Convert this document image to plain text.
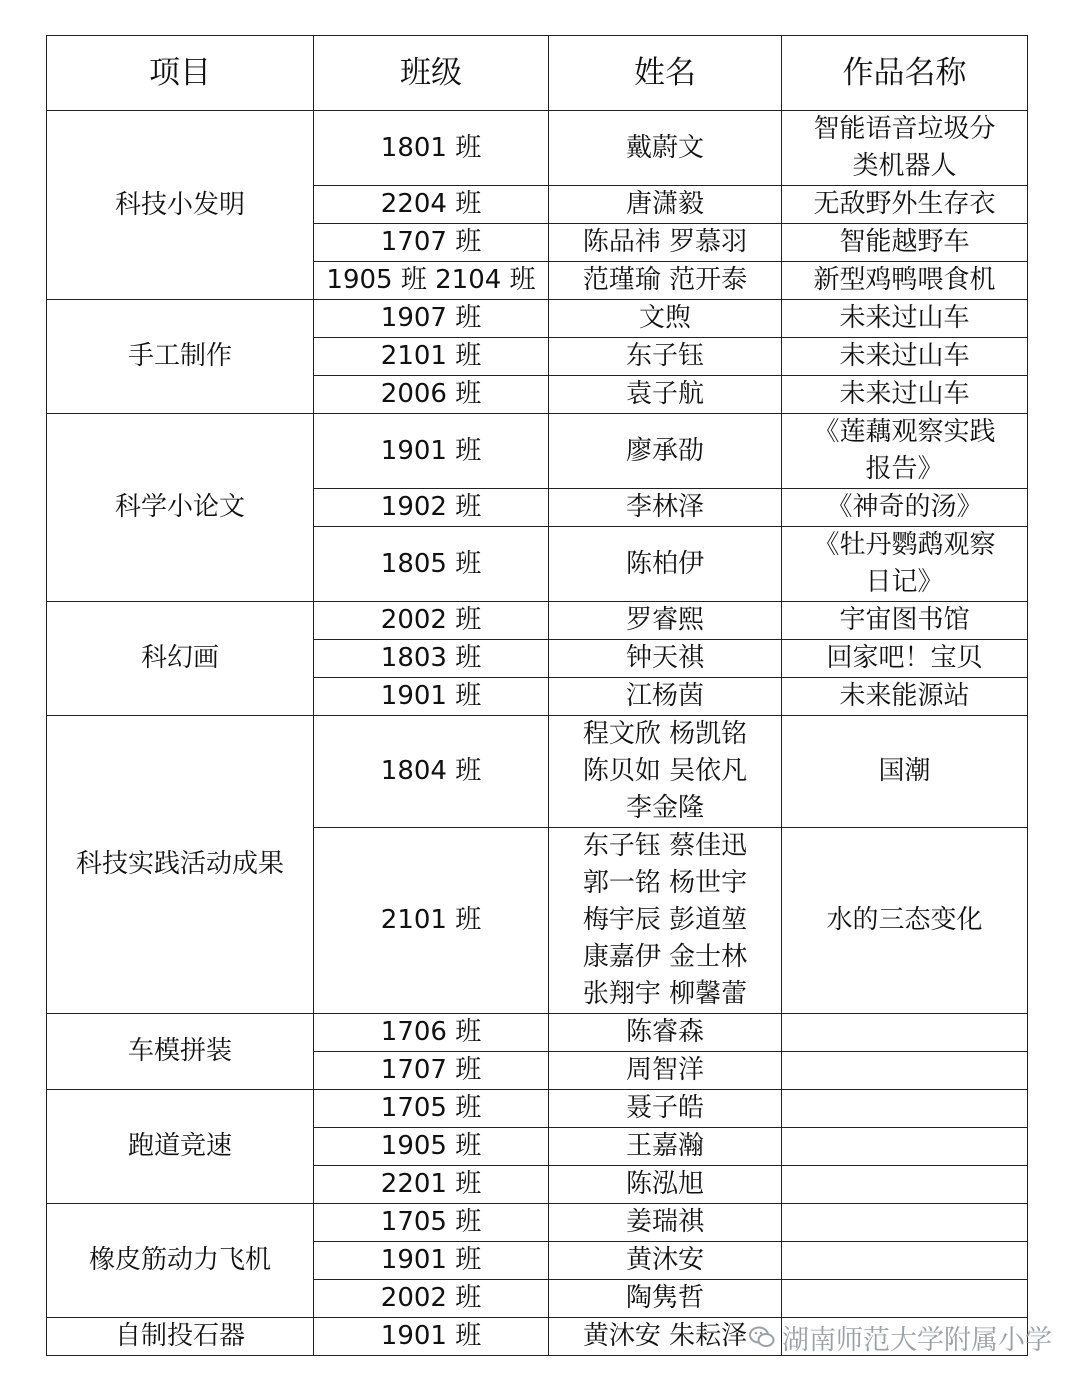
项目	班级	姓名	作品名称
科技小发明	1801 班	戴蔚文	智能语音垃圾分
类机器人

	2204 班	唐潇毅	无敌野外生存衣

	1707 班	陈品祎 罗慕羽	智能越野车

	1905 班 2104 班	范瑾瑜 范开泰	新型鸡鸭喂食机

手工制作	1907 班	文煦	未来过山车

	2101 班	东子钰	未来过山车

	2006 班	袁子航	未来过山车

科学小论文	1901 班	廖承劭	《莲藕观察实践
报告》

	1902 班	李林泽	《神奇的汤》

	1805 班	陈柏伊	《牡丹鹦鹉观察
日记》

科幻画	2002 班	罗睿熙	宇宙图书馆

	1803 班	钟天祺	回家吧！宝贝

	1901 班	江杨茵	未来能源站

科技实践活动成果	1804 班	程文欣 杨凯铭
陈贝如 吴依凡
李金隆	国潮

	2101 班	东子钰 蔡佳迅
郭一铭 杨世宇
梅宇辰 彭道堃
康嘉伊 金士林
张翔宇 柳馨蕾	水的三态变化

车模拼装	1706 班	陈睿森	

	1707 班	周智洋	

跑道竞速	1705 班	聂子皓	

	1905 班	王嘉瀚	

	2201 班	陈泓旭	

橡皮筋动力飞机	1705 班	姜瑞祺	

	1901 班	黄沐安	

	2002 班	陶隽哲	

自制投石器	1901 班	黄沐安 朱耘泽	
		湖南师范大学附属小学
